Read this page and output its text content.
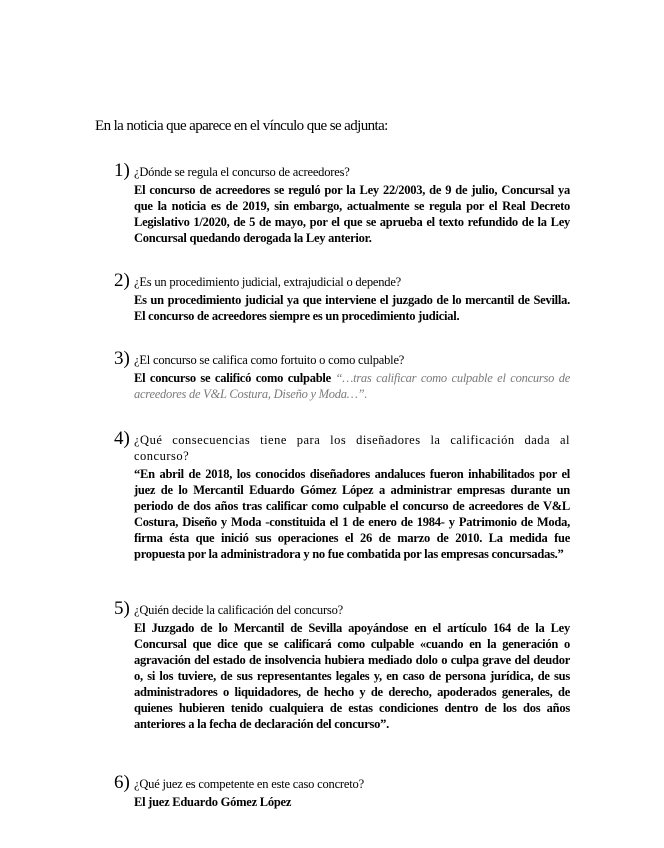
En la noticia que aparece en el vínculo que se adjunta:

1) ¿Dónde se regula el concurso de acreedores?

El concurso de acreedores se reguló por la Ley 22/2003, de 9 de julio, Concursal ya que la noticia es de 2019, sin embargo, actualmente se regula por el Real Decreto Legislativo 1/2020, de 5 de mayo, por el que se aprueba el texto refundido de la Ley Concursal quedando derogada la Ley anterior.

2) ¿Es un procedimiento judicial, extrajudicial o depende?

Es un procedimiento judicial ya que interviene el juzgado de lo mercantil de Sevilla. El concurso de acreedores siempre es un procedimiento judicial.

3) ¿El concurso se califica como fortuito o como culpable?

El concurso se calificó como culpable “…tras calificar como culpable el concurso de acreedores de V&L Costura, Diseño y Moda…”.

4) ¿Qué consecuencias tiene para los diseñadores la calificación dada al concurso?

“En abril de 2018, los conocidos diseñadores andaluces fueron inhabilitados por el juez de lo Mercantil Eduardo Gómez López a administrar empresas durante un periodo de dos años tras calificar como culpable el concurso de acreedores de V&L Costura, Diseño y Moda -constituida el 1 de enero de 1984- y Patrimonio de Moda, firma ésta que inició sus operaciones el 26 de marzo de 2010. La medida fue propuesta por la administradora y no fue combatida por las empresas concursadas.”

5) ¿Quién decide la calificación del concurso?

El Juzgado de lo Mercantil de Sevilla apoyándose en el artículo 164 de la Ley Concursal que dice que se calificará como culpable «cuando en la generación o agravación del estado de insolvencia hubiera mediado dolo o culpa grave del deudor o, si los tuviere, de sus representantes legales y, en caso de persona jurídica, de sus administradores o liquidadores, de hecho y de derecho, apoderados generales, de quienes hubieren tenido cualquiera de estas condiciones dentro de los dos años anteriores a la fecha de declaración del concurso”.

6) ¿Qué juez es competente en este caso concreto?

El juez Eduardo Gómez López
